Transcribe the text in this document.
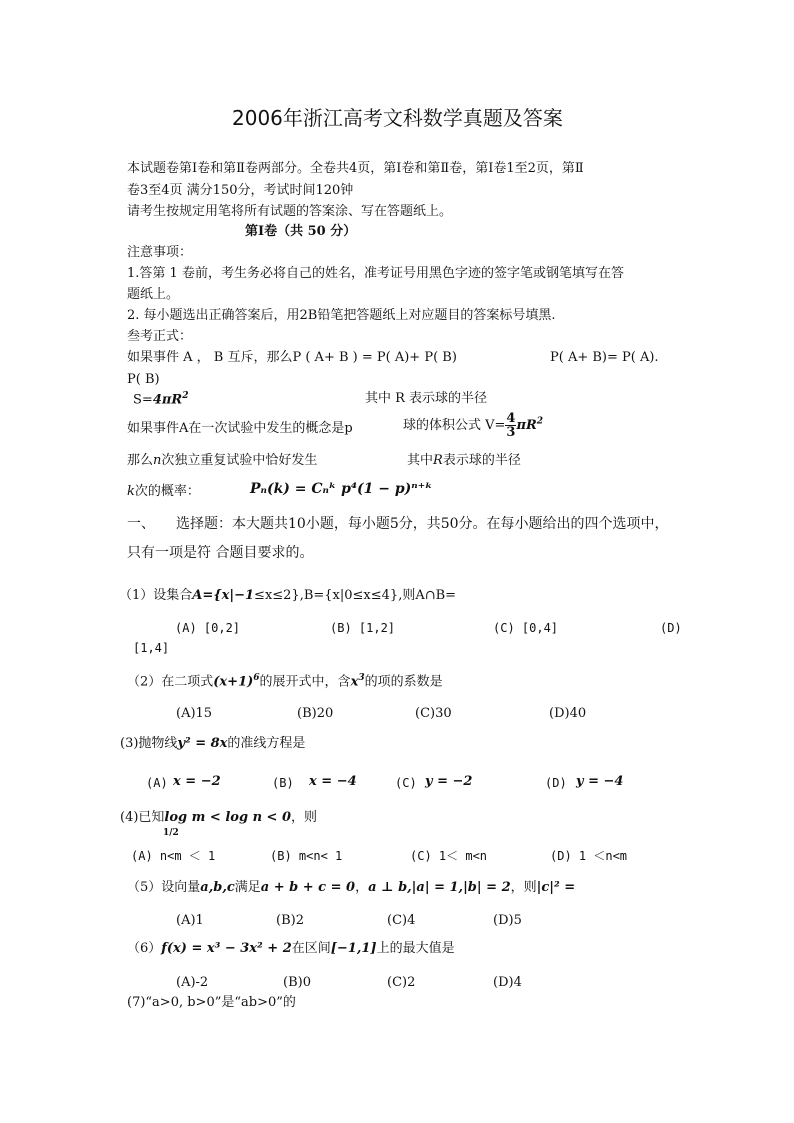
2006年浙江高考文科数学真题及答案
本试题卷第Ⅰ卷和第Ⅱ卷两部分。全卷共4页，第Ⅰ卷和第Ⅱ卷，第Ⅰ卷1至2页，第Ⅱ
卷3至4页 满分150分，考试时间120钟
请考生按规定用笔将所有试题的答案涂、写在答题纸上。
第Ⅰ卷（共 50 分）
注意事项：
1.答第 1 卷前，考生务必将自己的姓名，准考证号用黑色字迹的签字笔或钢笔填写在答
题纸上。
2. 每小题选出正确答案后，用2B铅笔把答题纸上对应题目的答案标号填黑.
叁考正式：
如果事件 A ， B 互斥，那么P ( A+ B ) = P( A)+ P( B)	P( A+ B)= P( A).
P( B)
$S=4\pi R^2$	其中 R 表示球的半径
如果事件A在一次试验中发生的概念是p	球的体积公式 $V= \frac{4}{3} \pi R^2$
那么n次独立重复试验中恰好发生	其中R表示球的半径
k次的概率：	Pₙ(k) = Cₙᵏ p⁴(1 − p)ⁿ⁺ᵏ
一、 选择题：本大题共10小题，每小题5分，共50分。在每小题给出的四个选项中，
只有一项是符 合题目要求的。
（1）设集合A={x|−1≤x≤2},B={x|0≤x≤4},则A∩B=
(A) [0,2]	(B) [1,2]	(C) [0,4]	(D)
[1,4]
（2）在二项式$(x+1)^6$的展开式中，含$x^3$的项的系数是
(A)15	(B)20	(C)30	(D)40
(3)抛物线y² = 8x的准线方程是
(A) x = −2	(B) x = −4	(C) y = −2	(D) y = −4
(4)已知log m < log n < 0，则
1/2
(A) n<m ＜ 1	(B) m<n< 1	(C) 1＜ m<n	(D) 1 ＜n<m
（5）设向量a,b,c满足a + b + c = 0，a ⊥ b,|a| = 1,|b| = 2，则|c|² =
(A)1	(B)2	(C)4	(D)5
（6）f(x) = x³ − 3x² + 2在区间[−1,1]上的最大值是
(A)-2	(B)0	(C)2	(D)4
(7)“a>0, b>0”是“ab>0”的
